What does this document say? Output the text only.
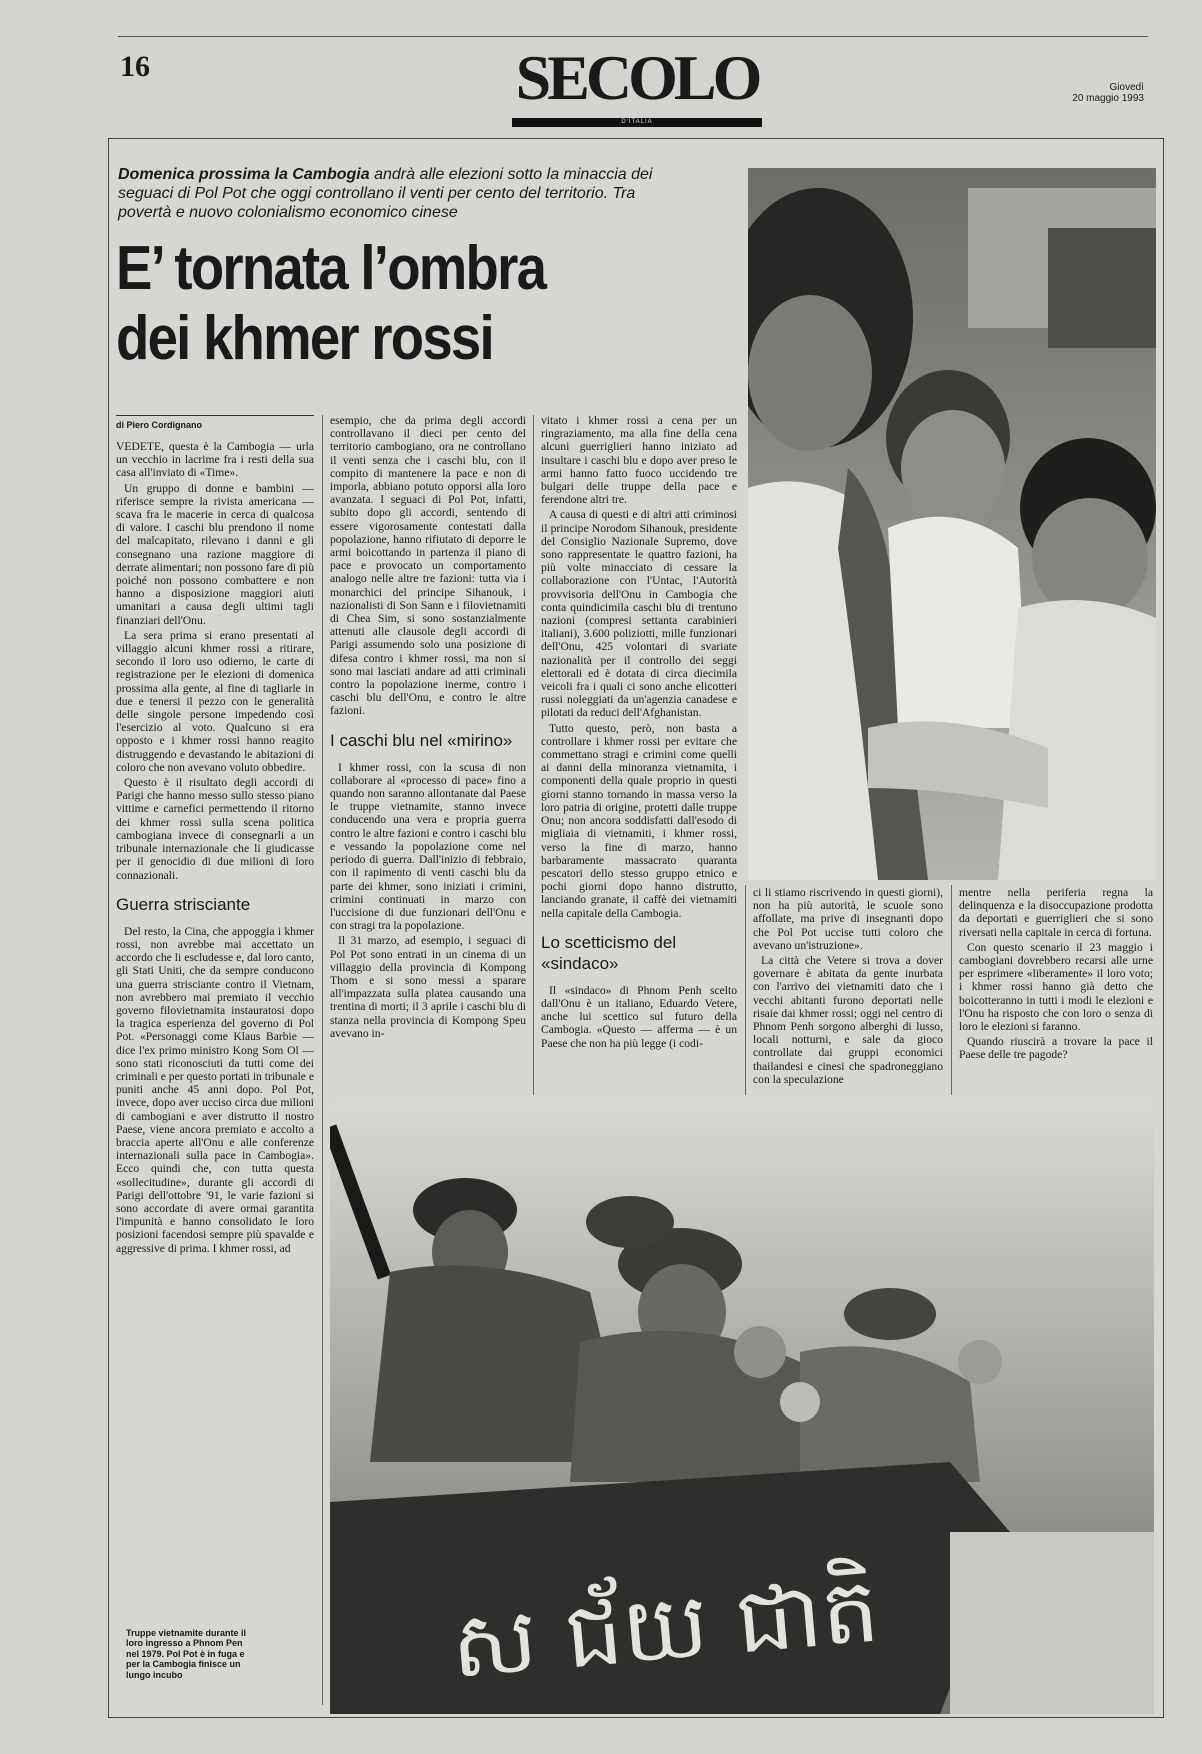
16	SECOLO
D'ITALIA
Giovedì
20 maggio 1993
Domenica prossima la Cambogia andrà alle elezioni sotto la minaccia dei seguaci di Pol Pot che oggi controllano il venti per cento del territorio. Tra povertà e nuovo colonialismo economico cinese
E’ tornata l’ombra
dei khmer rossi
di Piero Cordignano

VEDETE, questa è la Cambogia — urla un vecchio in lacrime fra i resti della sua casa all'inviato di «Time».

Un gruppo di donne e bambini — riferisce sempre la rivista americana — scava fra le macerie in cerca di qualcosa di valore. I caschi blu prendono il nome del malcapitato, rilevano i danni e gli consegnano una razione maggiore di derrate alimentari; non possono fare di più poiché non possono combattere e non hanno a disposizione maggiori aiuti umanitari a causa degli ultimi tagli finanziari dell'Onu.

La sera prima si erano presentati al villaggio alcuni khmer rossi a ritirare, secondo il loro uso odierno, le carte di registrazione per le elezioni di domenica prossima alla gente, al fine di tagliarle in due e tenersi il pezzo con le generalità delle singole persone impedendo così l'esercizio al voto. Qualcuno si era opposto e i khmer rossi hanno reagito distruggendo e devastando le abitazioni di coloro che non avevano voluto obbedire.

Questo è il risultato degli accordi di Parigi che hanno messo sullo stesso piano vittime e carnefici permettendo il ritorno dei khmer rossi sulla scena politica cambogiana invece di consegnarli a un tribunale internazionale che li giudicasse per il genocidio di due milioni di loro connazionali.

Guerra strisciante

Del resto, la Cina, che appoggia i khmer rossi, non avrebbe mai accettato un accordo che li escludesse e, dal loro canto, gli Stati Uniti, che da sempre conducono una guerra strisciante contro il Vietnam, non avrebbero mai premiato il vecchio governo filovietnamita instauratosi dopo la tragica esperienza del governo di Pol Pot. «Personaggi come Klaus Barbie — dice l'ex primo ministro Kong Som Ol — sono stati riconosciuti da tutti come dei criminali e per questo portati in tribunale e puniti anche 45 anni dopo. Pol Pot, invece, dopo aver ucciso circa due milioni di cambogiani e aver distrutto il nostro Paese, viene ancora premiato e accolto a braccia aperte all'Onu e alle conferenze internazionali sulla pace in Cambogia». Ecco quindi che, con tutta questa «sollecitudine», durante gli accordi di Parigi dell'ottobre '91, le varie fazioni si sono accordate di avere ormai garantita l'impunità e hanno consolidato le loro posizioni facendosi sempre più spavalde e aggressive di prima. I khmer rossi, ad

esempio, che da prima degli accordi controllavano il dieci per cento del territorio cambogiano, ora ne controllano il venti senza che i caschi blu, con il compito di mantenere la pace e non di imporla, abbiano potuto opporsi alla loro avanzata. I seguaci di Pol Pot, infatti, subito dopo gli accordi, sentendo di essere vigorosamente contestati dalla popolazione, hanno rifiutato di deporre le armi boicottando in partenza il piano di pace e provocato un comportamento analogo nelle altre tre fazioni: tutta via i monarchici del principe Sihanouk, i nazionalisti di Son Sann e i filovietnamiti di Chea Sim, si sono sostanzialmente attenuti alle clausole degli accordi di Parigi assumendo solo una posizione di difesa contro i khmer rossi, ma non si sono mai lasciati andare ad atti criminali contro la popolazione inerme, contro i caschi blu dell'Onu, e contro le altre fazioni.

I caschi blu nel «mirino»

I khmer rossi, con la scusa di non collaborare al «processo di pace» fino a quando non saranno allontanate dal Paese le truppe vietnamite, stanno invece conducendo una vera e propria guerra contro le altre fazioni e contro i caschi blu e vessando la popolazione come nel periodo di guerra. Dall'inizio di febbraio, con il rapimento di venti caschi blu da parte dei khmer, sono iniziati i crimini, crimini continuati in marzo con l'uccisione di due funzionari dell'Onu e con stragi tra la popolazione.

Il 31 marzo, ad esempio, i seguaci di Pol Pot sono entrati in un cinema di un villaggio della provincia di Kompong Thom e si sono messi a sparare all'impazzata sulla platea causando una trentina di morti; il 3 aprile i caschi blu di stanza nella provincia di Kompong Speu avevano in-

vitato i khmer rossi a cena per un ringraziamento, ma alla fine della cena alcuni guerriglieri hanno iniziato ad insultare i caschi blu e dopo aver preso le armi hanno fatto fuoco uccidendo tre bulgari delle truppe della pace e ferendone altri tre.

A causa di questi e di altri atti criminosi il principe Norodom Sihanouk, presidente del Consiglio Nazionale Supremo, dove sono rappresentate le quattro fazioni, ha più volte minacciato di cessare la collaborazione con l'Untac, l'Autorità provvisoria dell'Onu in Cambogia che conta quindicimila caschi blu di trentuno nazioni (compresi settanta carabinieri italiani), 3.600 poliziotti, mille funzionari dell'Onu, 425 volontari di svariate nazionalità per il controllo dei seggi elettorali ed è dotata di circa diecimila veicoli fra i quali ci sono anche elicotteri russi noleggiati da un'agenzia canadese e pilotati da reduci dell'Afghanistan.

Tutto questo, però, non basta a controllare i khmer rossi per evitare che commettano stragi e crimini come quelli ai danni della minoranza vietnamita, i componenti della quale proprio in questi giorni stanno tornando in massa verso la loro patria di origine, protetti dalle truppe Onu; non ancora soddisfatti dall'esodo di migliaia di vietnamiti, i khmer rossi, verso la fine di marzo, hanno barbaramente massacrato quaranta pescatori dello stesso gruppo etnico e pochi giorni dopo hanno distrutto, lanciando granate, il caffè dei vietnamiti nella capitale della Cambogia.

Lo scetticismo del «sindaco»

Il «sindaco» di Phnom Penh scelto dall'Onu è un italiano, Eduardo Vetere, anche lui scettico sul futuro della Cambogia. «Questo — afferma — è un Paese che non ha più legge (i codi-

ci li stiamo riscrivendo in questi giorni), non ha più autorità, le scuole sono affollate, ma prive di insegnanti dopo che Pol Pot uccise tutti coloro che avevano un'istruzione».

La città che Vetere si trova a dover governare è abitata da gente inurbata con l'arrivo dei vietnamiti dato che i vecchi abitanti furono deportati nelle risaie dai khmer rossi; oggi nel centro di Phnom Penh sorgono alberghi di lusso, locali notturni, e sale da gioco controllate dai gruppi economici thailandesi e cinesi che spadroneggiano con la speculazione

mentre nella periferia regna la delinquenza e la disoccupazione prodotta da deportati e guerriglieri che si sono riversati nella capitale in cerca di fortuna.

Con questo scenario il 23 maggio i cambogiani dovrebbero recarsi alle urne per esprimere «liberamente» il loro voto; i khmer rossi hanno già detto che boicotteranno in tutti i modi le elezioni e l'Onu ha risposto che con loro o senza di loro le elezioni si faranno.

Quando riuscirà a trovare la pace il Paese delle tre pagode?

ស ជ័យ ជាតិ
Truppe vietnamite durante il loro ingresso a Phnom Pen nel 1979. Pol Pot è in fuga e per la Cambogia finisce un lungo incubo
